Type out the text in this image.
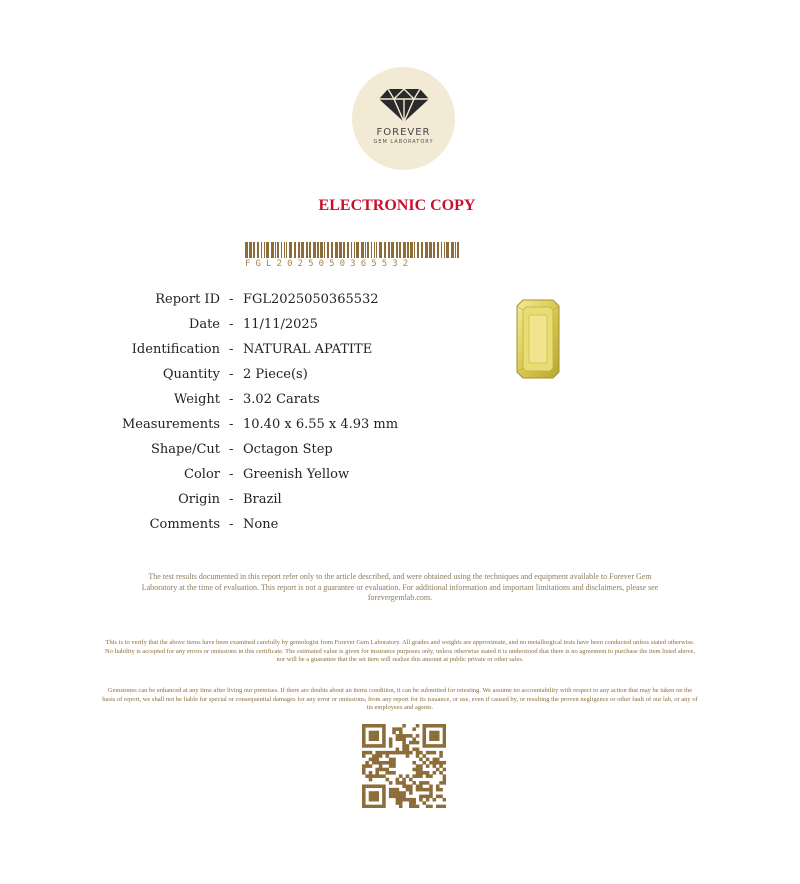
FOREVER
GEM LABORATORY
ELECTRONIC COPY
FGL2025050365532
Report ID - FGL2025050365532
Date - 11/11/2025
Identification - NATURAL APATITE
Quantity - 2 Piece(s)
Weight - 3.02 Carats
Measurements - 10.40 x 6.55 x 4.93 mm
Shape/Cut - Octagon Step
Color - Greenish Yellow
Origin - Brazil
Comments - None
The test results documented in this report refer only to the article described, and were obtained using the techniques and equipment available to Forever Gem Laboratory at the time of evaluation. This report is not a guarantee or evaluation. For additional information and important limitations and disclaimers, please see forevergemlab.com.
This is to verify that the above items have been examined carefully by gemologist from Forever Gem Laboratory. All grades and weights are approximate, and no metallurgical tests have been conducted unless stated otherwise. No liability is accepted for any errors or omissions in this certificate. The estimated value is given for insurance purposes only, unless otherwise stated it is understood that there is no agreement to purchase the item listed above, nor will be a guarantee that the set item will realize this amount at public private or other sales.
Gemstones can be enhanced at any time after living our premises. If there are doubts about an items condition, it can be submitted for retesting. We assume no accountability with respect to any action that may be taken on the basis of report, we shall not be liable for special or consequential damages for any error or omissions, from any report for its issuance, or use, even if caused by, or resulting the proven negligence or other fault of our lab, or any of its employees and agents.
